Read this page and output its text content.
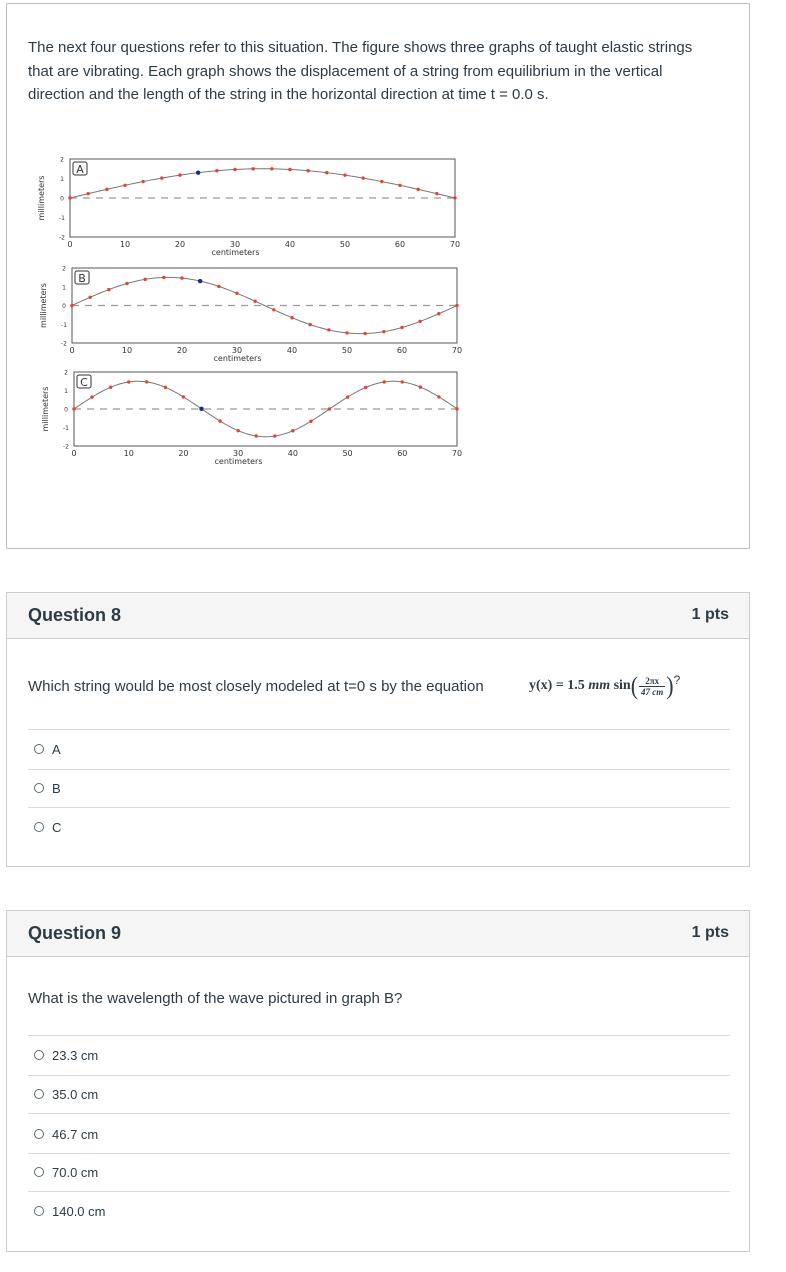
The next four questions refer to this situation. The figure shows three graphs of taught elastic strings that are vibrating. Each graph shows the displacement of a string from equilibrium in the vertical direction and the length of the string in the horizontal direction at time t = 0.0 s.

0	10	20	30	40	50	60	70
2
1
0
-1
-2
centimeters
millimeters
A
0	10	20	30	40	50	60	70
2
1
0
-1
-2
centimeters
millimeters
B
0	10	20	30	40	50	60	70
2
1
0
-1
-2
centimeters
millimeters
C
Question 8	1 pts
Which string would be most closely modeled at t=0 s by the equation	y(x) = 1.5 mm $\sin( \frac{2\pi x}{47 cm}$ )?
A
B
C
Question 9	1 pts
What is the wavelength of the wave pictured in graph B?
23.3 cm
35.0 cm
46.7 cm
70.0 cm
140.0 cm
